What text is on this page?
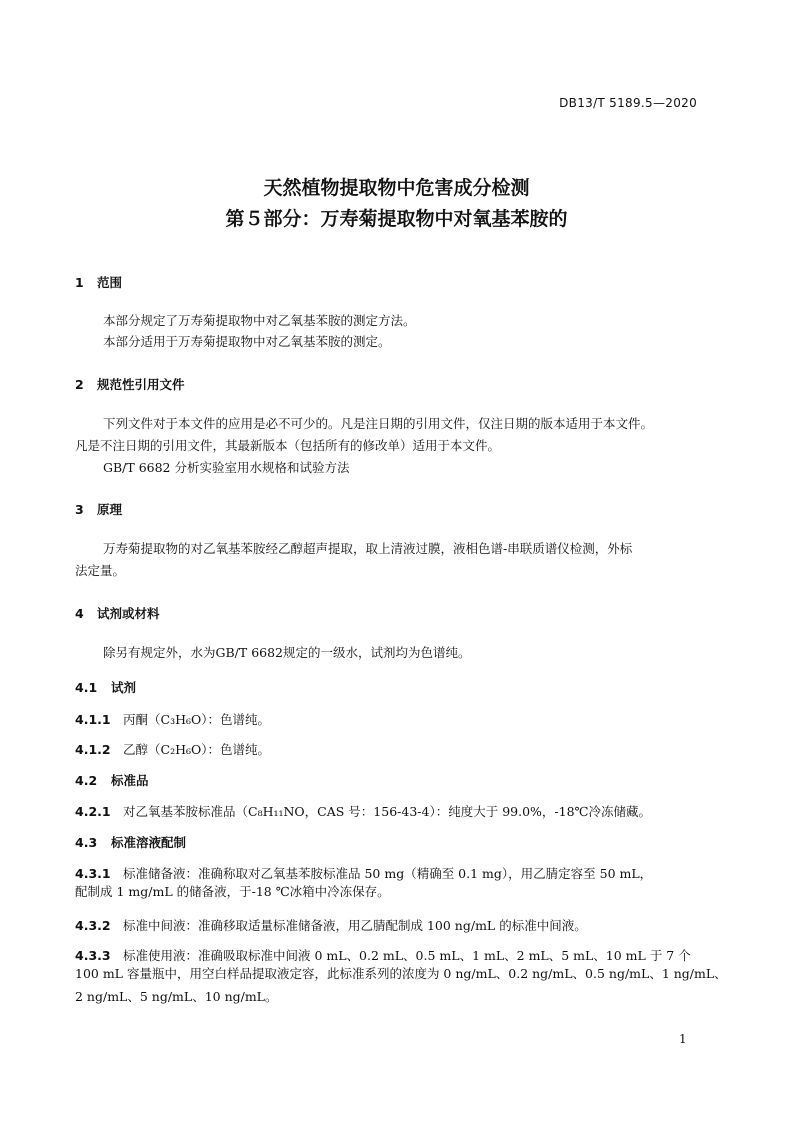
DB13/T 5189.5—2020
天然植物提取物中危害成分检测
第５部分：万寿菊提取物中对氧基苯胺的
1 范围
本部分规定了万寿菊提取物中对乙氧基苯胺的测定方法。
本部分适用于万寿菊提取物中对乙氧基苯胺的测定。
2 规范性引用文件
下列文件对于本文件的应用是必不可少的。凡是注日期的引用文件，仅注日期的版本适用于本文件。
凡是不注日期的引用文件，其最新版本（包括所有的修改单）适用于本文件。
GB/T 6682 分析实验室用水规格和试验方法
3 原理
万寿菊提取物的对乙氧基苯胺经乙醇超声提取，取上清液过膜，液相色谱-串联质谱仪检测，外标
法定量。
4 试剂或材料
除另有规定外，水为GB/T 6682规定的一级水，试剂均为色谱纯。
4.1 试剂
4.1.1 丙酮（C₃H₆O）：色谱纯。
4.1.2 乙醇（C₂H₆O）：色谱纯。
4.2 标准品
4.2.1 对乙氧基苯胺标准品（C₈H₁₁NO，CAS 号：156-43-4）：纯度大于 99.0%，-18℃冷冻储藏。
4.3 标准溶液配制
4.3.1 标准储备液：准确称取对乙氧基苯胺标准品 50 mg（精确至 0.1 mg），用乙腈定容至 50 mL，
配制成 1 mg/mL 的储备液，于-18 ℃冰箱中冷冻保存。
4.3.2 标准中间液：准确移取适量标准储备液，用乙腈配制成 100 ng/mL 的标准中间液。
4.3.3 标准使用液：准确吸取标准中间液 0 mL、0.2 mL、0.5 mL、1 mL、2 mL、5 mL、10 mL 于 7 个
100 mL 容量瓶中，用空白样品提取液定容，此标准系列的浓度为 0 ng/mL、0.2 ng/mL、0.5 ng/mL、1 ng/mL、
2 ng/mL、5 ng/mL、10 ng/mL。
1
